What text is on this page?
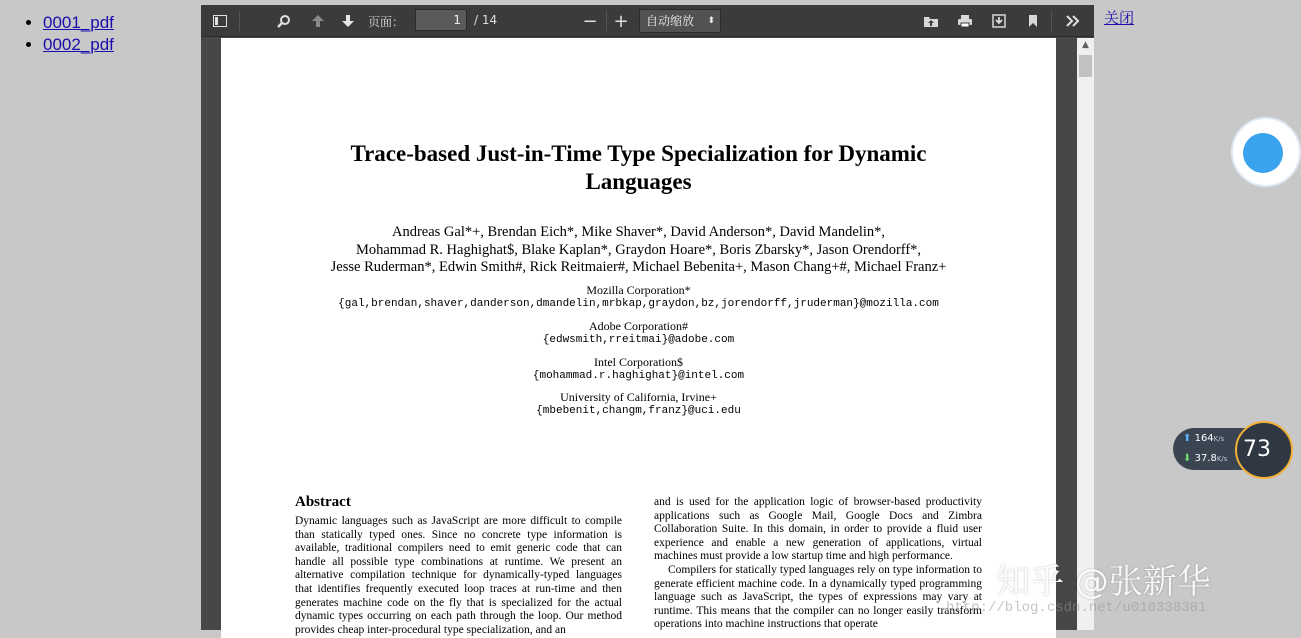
• 0001_pdf
• 0002_pdf
关闭
页面：	1	/ 14	− +	自动缩放 ⬍
Trace-based Just-in-Time Type Specialization for Dynamic
Languages
Andreas Gal*+, Brendan Eich*, Mike Shaver*, David Anderson*, David Mandelin*,
Mohammad R. Haghighat$, Blake Kaplan*, Graydon Hoare*, Boris Zbarsky*, Jason Orendorff*,
Jesse Ruderman*, Edwin Smith#, Rick Reitmaier#, Michael Bebenita+, Mason Chang+#, Michael Franz+
Mozilla Corporation*
{gal,brendan,shaver,danderson,dmandelin,mrbkap,graydon,bz,jorendorff,jruderman}@mozilla.com
Adobe Corporation#
{edwsmith,rreitmai}@adobe.com
Intel Corporation$
{mohammad.r.haghighat}@intel.com
University of California, Irvine+
{mbebenit,changm,franz}@uci.edu
Abstract
Dynamic languages such as JavaScript are more difficult to compile than statically typed ones. Since no concrete type information is available, traditional compilers need to emit generic code that can handle all possible type combinations at runtime. We present an alternative compilation technique for dynamically-typed languages that identifies frequently executed loop traces at run-time and then generates machine code on the fly that is specialized for the actual dynamic types occurring on each path through the loop. Our method provides cheap inter-procedural type specialization, and an
and is used for the application logic of browser-based productivity applications such as Google Mail, Google Docs and Zimbra Collaboration Suite. In this domain, in order to provide a fluid user experience and enable a new generation of applications, virtual machines must provide a low startup time and high performance.
Compilers for statically typed languages rely on type information to generate efficient machine code. In a dynamically typed programming language such as JavaScript, the types of expressions may vary at runtime. This means that the compiler can no longer easily transform operations into machine instructions that operate
▲
⬆ 164K/s
⬇ 37.8K/s 73
http://blog.csdn.net/u010338381
知乎 @张新华
